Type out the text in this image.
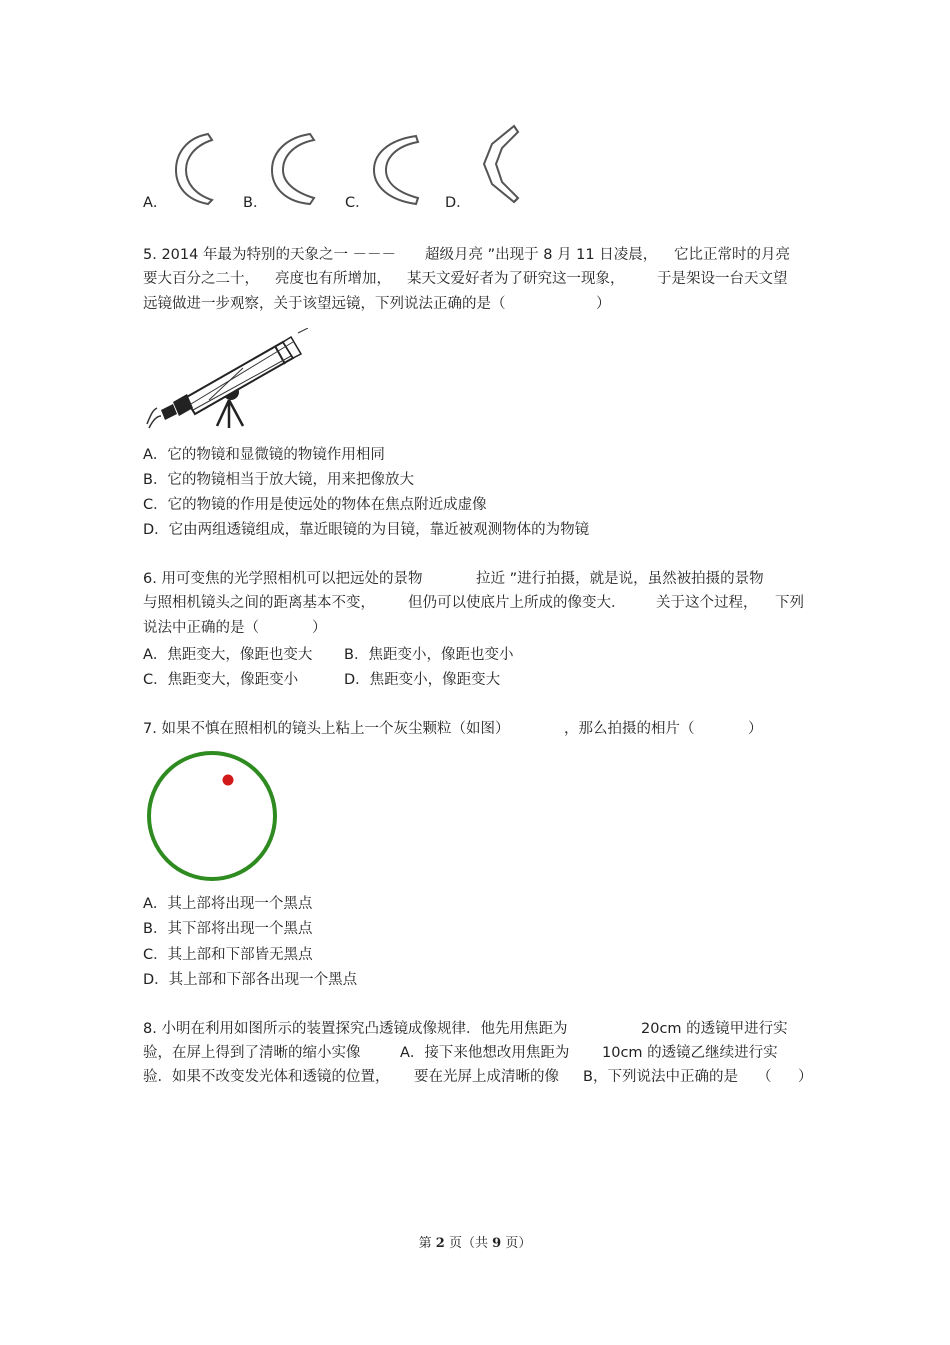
A．	B．	C．	D．
5. 2014 年最为特别的天象之一 －－－ 超级月亮 ”出现于 8 月 11 日凌晨， 它比正常时的月亮
要大百分之二十， 亮度也有所增加， 某天文爱好者为了研究这一现象， 于是架设一台天文望
远镜做进一步观察，关于该望远镜，下列说法正确的是（	）
A．它的物镜和显微镜的物镜作用相同
B．它的物镜相当于放大镜，用来把像放大
C．它的物镜的作用是使远处的物体在焦点附近成虚像
D．它由两组透镜组成，靠近眼镜的为目镜，靠近被观测物体的为物镜
6. 用可变焦的光学照相机可以把远处的景物	拉近 ”进行拍摄，就是说，虽然被拍摄的景物
与照相机镜头之间的距离基本不变， 但仍可以使底片上所成的像变大． 关于这个过程， 下列
说法中正确的是（	）
A．焦距变大，像距也变大 B．焦距变小，像距也变小
C．焦距变大，像距变小	D．焦距变小，像距变大
7. 如果不慎在照相机的镜头上粘上一个灰尘颗粒（如图）	，那么拍摄的相片（	）
A．其上部将出现一个黑点
B．其下部将出现一个黑点
C．其上部和下部皆无黑点
D．其上部和下部各出现一个黑点
8. 小明在利用如图所示的装置探究凸透镜成像规律．他先用焦距为	20cm 的透镜甲进行实
验，在屏上得到了清晰的缩小实像	A．接下来他想改用焦距为 10cm 的透镜乙继续进行实
验．如果不改变发光体和透镜的位置， 要在光屏上成清晰的像 B，下列说法中正确的是 （ ）
第 2 页（共 9 页）
